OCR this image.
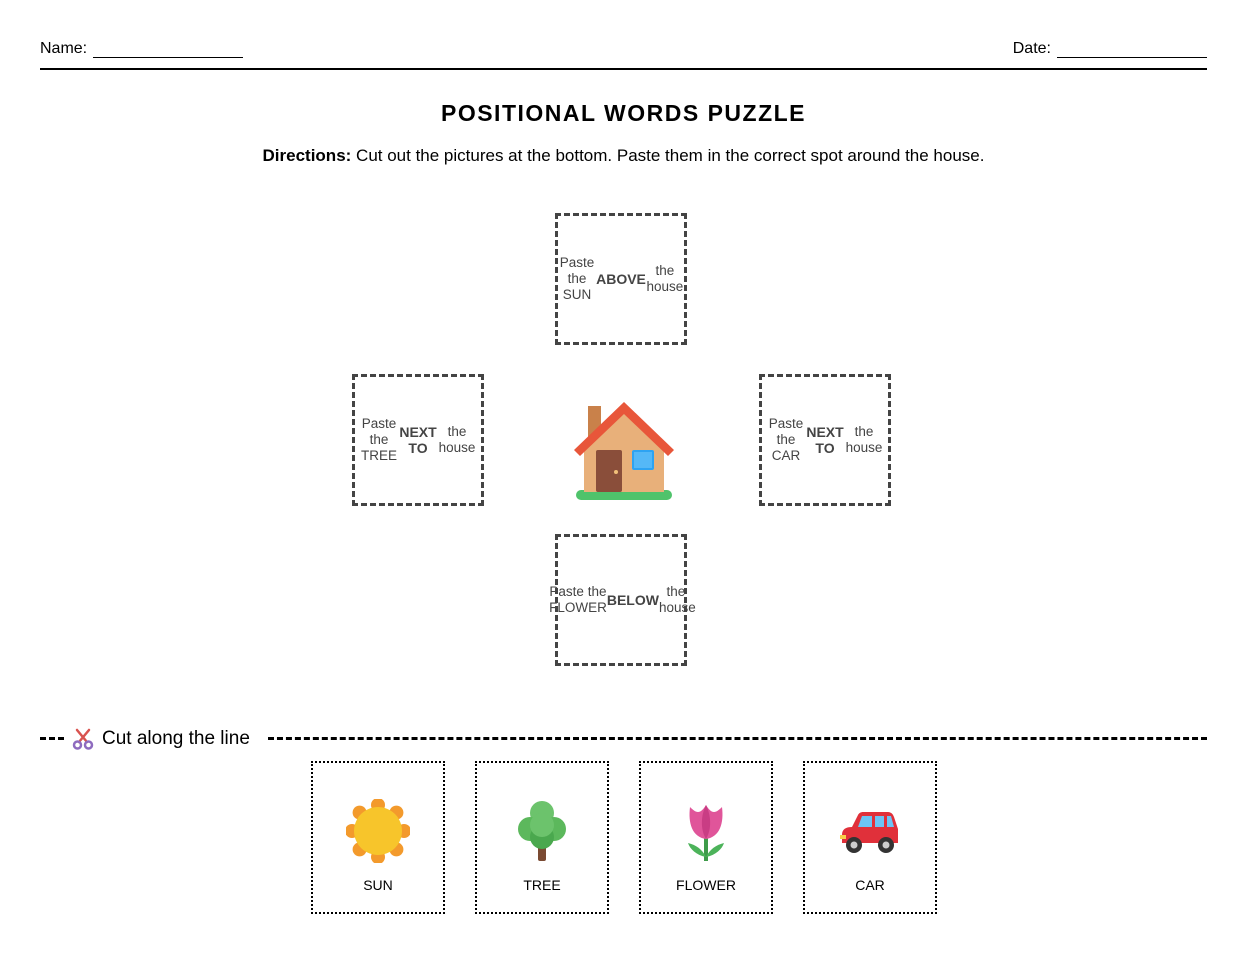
Name:	Date:
POSITIONAL WORDS PUZZLE
Directions: Cut out the pictures at the bottom. Paste them in the correct spot around the house.
Paste the SUN
ABOVE
the house
Paste the TREE
NEXT TO
the house
Paste the CAR
NEXT TO
the house
Paste the FLOWER BELOW
the house
Cut along the line
SUN	TREE	FLOWER	CAR
